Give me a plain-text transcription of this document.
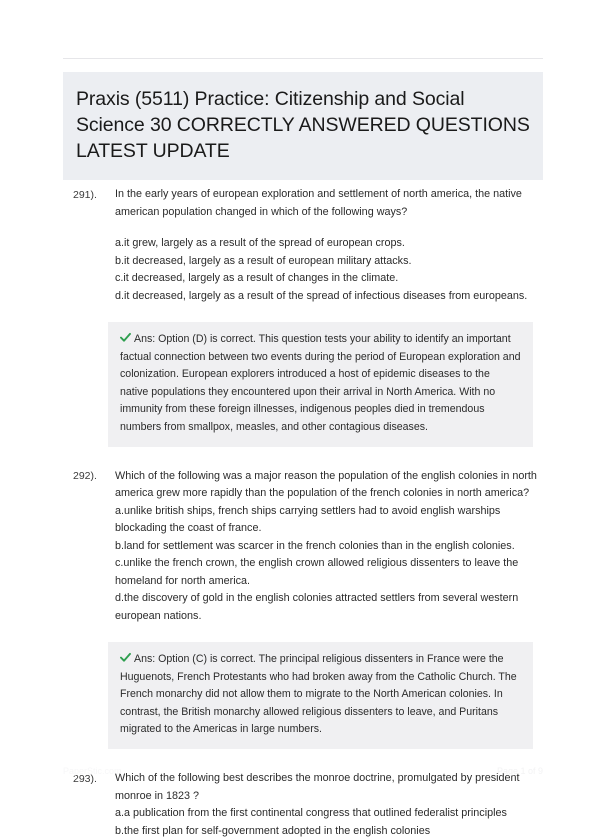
Praxis (5511) Practice: Citizenship and Social Science 30 CORRECTLY ANSWERED QUESTIONS LATEST UPDATE
291).	In the early years of european exploration and settlement of north america, the native american population changed in which of the following ways?
a.it grew, largely as a result of the spread of european crops.
b.it decreased, largely as a result of european military attacks.
c.it decreased, largely as a result of changes in the climate.
d.it decreased, largely as a result of the spread of infectious diseases from europeans.
Ans: Option (D) is correct. This question tests your ability to identify an important factual connection between two events during the period of European exploration and colonization. European explorers introduced a host of epidemic diseases to the native populations they encountered upon their arrival in North America. With no immunity from these foreign illnesses, indigenous peoples died in tremendous numbers from smallpox, measles, and other contagious diseases.
292).	Which of the following was a major reason the population of the english colonies in north america grew more rapidly than the population of the french colonies in north america?
a.unlike british ships, french ships carrying settlers had to avoid english warships blockading the coast of france.
b.land for settlement was scarcer in the french colonies than in the english colonies.
c.unlike the french crown, the english crown allowed religious dissenters to leave the homeland for north america.
d.the discovery of gold in the english colonies attracted settlers from several western european nations.
Ans: Option (C) is correct. The principal religious dissenters in France were the Huguenots, French Protestants who had broken away from the Catholic Church. The French monarchy did not allow them to migrate to the North American colonies. In contrast, the British monarchy allowed religious dissenters to leave, and Puritans migrated to the Americas in large numbers.
293).	Which of the following best describes the monroe doctrine, promulgated by president monroe in 1823 ?
a.a publication from the first continental congress that outlined federalist principles
b.the first plan for self-government adopted in the english colonies
PaperStic.com	Page 1 of 9
